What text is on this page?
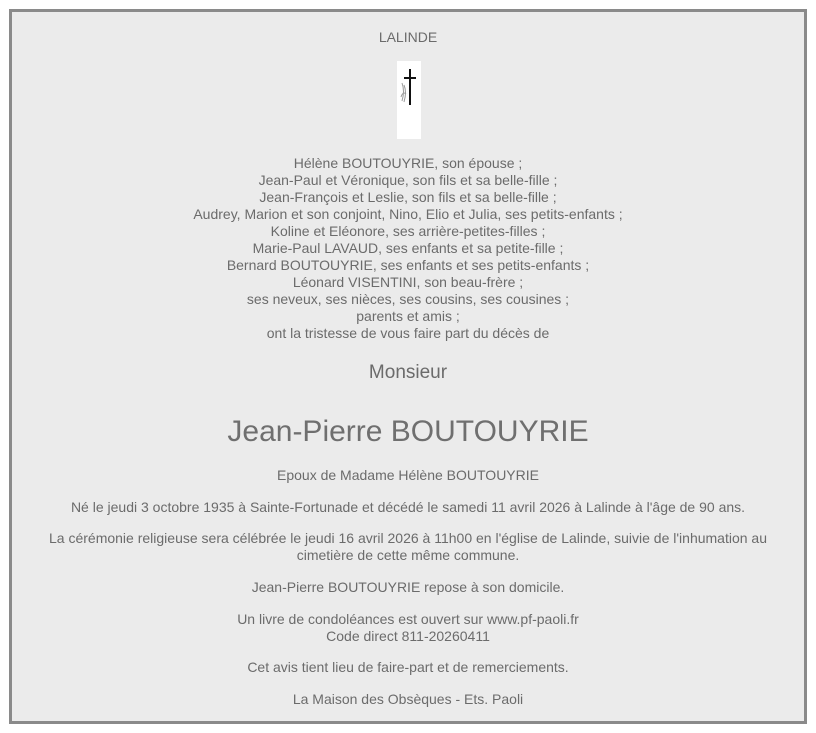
LALINDE
Hélène BOUTOUYRIE, son épouse ;
Jean-Paul et Véronique, son fils et sa belle-fille ;
Jean-François et Leslie, son fils et sa belle-fille ;
Audrey, Marion et son conjoint, Nino, Elio et Julia, ses petits-enfants ;
Koline et Eléonore, ses arrière-petites-filles ;
Marie-Paul LAVAUD, ses enfants et sa petite-fille ;
Bernard BOUTOUYRIE, ses enfants et ses petits-enfants ;
Léonard VISENTINI, son beau-frère ;
ses neveux, ses nièces, ses cousins, ses cousines ;
parents et amis ;
ont la tristesse de vous faire part du décès de
Monsieur
Jean-Pierre BOUTOUYRIE
Epoux de Madame Hélène BOUTOUYRIE
Né le jeudi 3 octobre 1935 à Sainte-Fortunade et décédé le samedi 11 avril 2026 à Lalinde à l'âge de 90 ans.
La cérémonie religieuse sera célébrée le jeudi 16 avril 2026 à 11h00 en l'église de Lalinde, suivie de l'inhumation au cimetière de cette même commune.
Jean-Pierre BOUTOUYRIE repose à son domicile.
Un livre de condoléances est ouvert sur www.pf-paoli.fr
Code direct 811-20260411
Cet avis tient lieu de faire-part et de remerciements.
La Maison des Obsèques - Ets. Paoli
